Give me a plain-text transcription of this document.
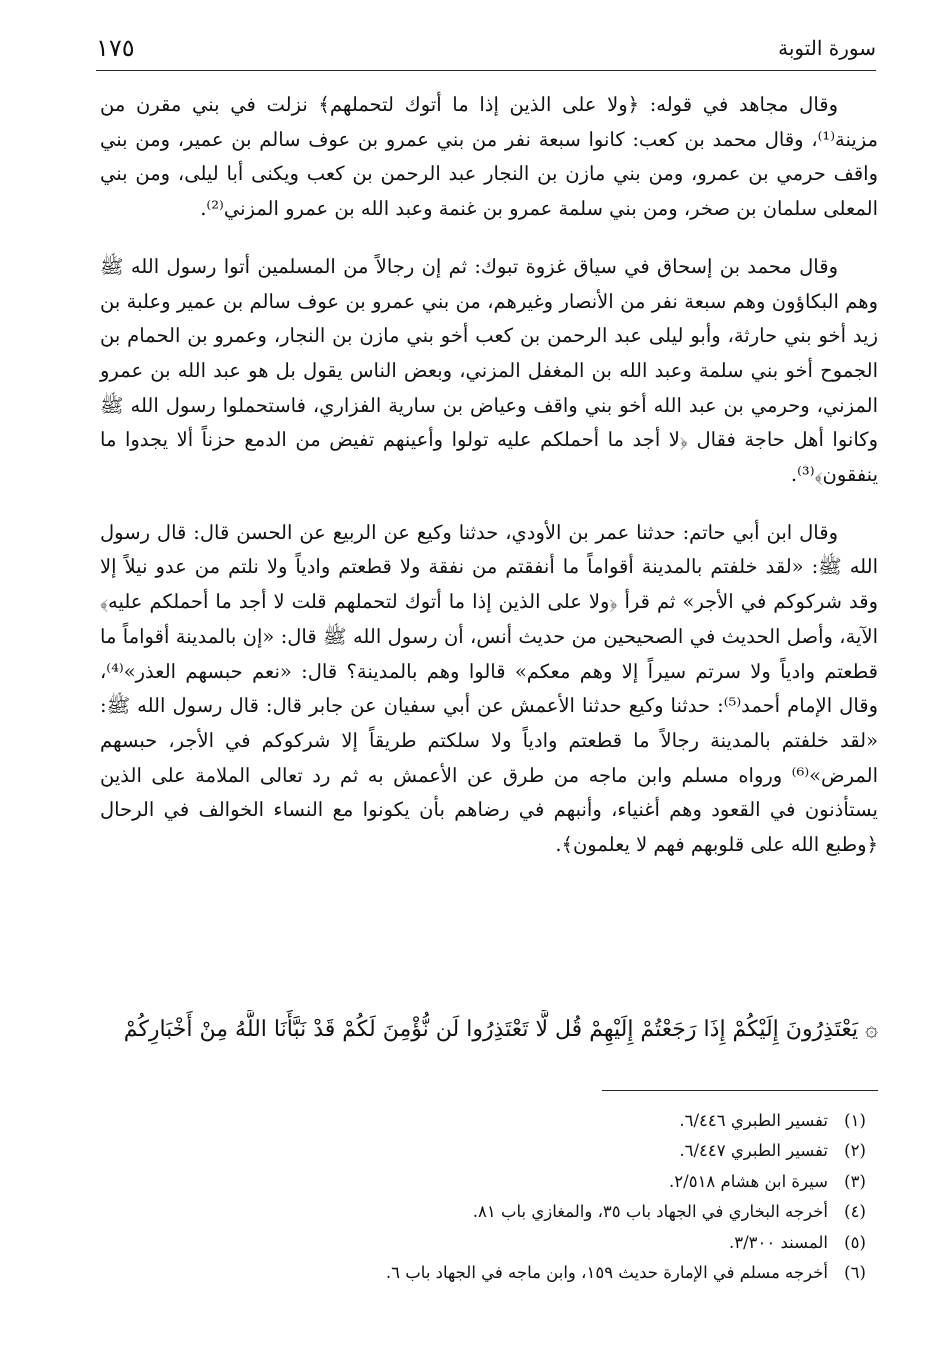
سورة التوبة
١٧٥

وقال مجاهد في قوله: ﴿ولا على الذين إذا ما أتوك لتحملهم﴾ نزلت في بني مقرن من مزينة⁽¹⁾، وقال محمد بن كعب: كانوا سبعة نفر من بني عمرو بن عوف سالم بن عمير، ومن بني واقف حرمي بن عمرو، ومن بني مازن بن النجار عبد الرحمن بن كعب ويكنى أبا ليلى، ومن بني المعلى سلمان بن صخر، ومن بني سلمة عمرو بن غنمة وعبد الله بن عمرو المزني⁽²⁾.

وقال محمد بن إسحاق في سياق غزوة تبوك: ثم إن رجالاً من المسلمين أتوا رسول الله ﷺ وهم البكاؤون وهم سبعة نفر من الأنصار وغيرهم، من بني عمرو بن عوف سالم بن عمير وعلبة بن زيد أخو بني حارثة، وأبو ليلى عبد الرحمن بن كعب أخو بني مازن بن النجار، وعمرو بن الحمام بن الجموح أخو بني سلمة وعبد الله بن المغفل المزني، وبعض الناس يقول بل هو عبد الله بن عمرو المزني، وحرمي بن عبد الله أخو بني واقف وعياض بن سارية الفزاري، فاستحملوا رسول الله ﷺ وكانوا أهل حاجة فقال ﴿لا أجد ما أحملكم عليه تولوا وأعينهم تفيض من الدمع حزناً ألا يجدوا ما ينفقون﴾⁽³⁾.

وقال ابن أبي حاتم: حدثنا عمر بن الأودي، حدثنا وكيع عن الربيع عن الحسن قال: قال رسول الله ﷺ: «لقد خلفتم بالمدينة أقواماً ما أنفقتم من نفقة ولا قطعتم وادياً ولا نلتم من عدو نيلاً إلا وقد شركوكم في الأجر» ثم قرأ ﴿ولا على الذين إذا ما أتوك لتحملهم قلت لا أجد ما أحملكم عليه﴾ الآية، وأصل الحديث في الصحيحين من حديث أنس، أن رسول الله ﷺ قال: «إن بالمدينة أقواماً ما قطعتم وادياً ولا سرتم سيراً إلا وهم معكم» قالوا وهم بالمدينة؟ قال: «نعم حبسهم العذر»⁽⁴⁾، وقال الإمام أحمد⁽⁵⁾: حدثنا وكيع حدثنا الأعمش عن أبي سفيان عن جابر قال: قال رسول الله ﷺ: «لقد خلفتم بالمدينة رجالاً ما قطعتم وادياً ولا سلكتم طريقاً إلا شركوكم في الأجر، حبسهم المرض»⁽⁶⁾ ورواه مسلم وابن ماجه من طرق عن الأعمش به ثم رد تعالى الملامة على الذين يستأذنون في القعود وهم أغنياء، وأنبهم في رضاهم بأن يكونوا مع النساء الخوالف في الرحال ﴿وطبع الله على قلوبهم فهم لا يعلمون﴾.

۞ يَعْتَذِرُونَ إِلَيْكُمْ إِذَا رَجَعْتُمْ إِلَيْهِمْ قُل لَّا تَعْتَذِرُوا لَن نُّؤْمِنَ لَكُمْ قَدْ نَبَّأَنَا اللَّهُ مِنْ أَخْبَارِكُمْ
(١)تفسير الطبري ٦/٤٤٦.
(٢)تفسير الطبري ٦/٤٤٧.
(٣)سيرة ابن هشام ٢/٥١٨.
(٤)أخرجه البخاري في الجهاد باب ٣٥، والمغازي باب ٨١.
(٥)المسند ٣/٣٠٠.
(٦)أخرجه مسلم في الإمارة حديث ١٥٩، وابن ماجه في الجهاد باب ٦.
